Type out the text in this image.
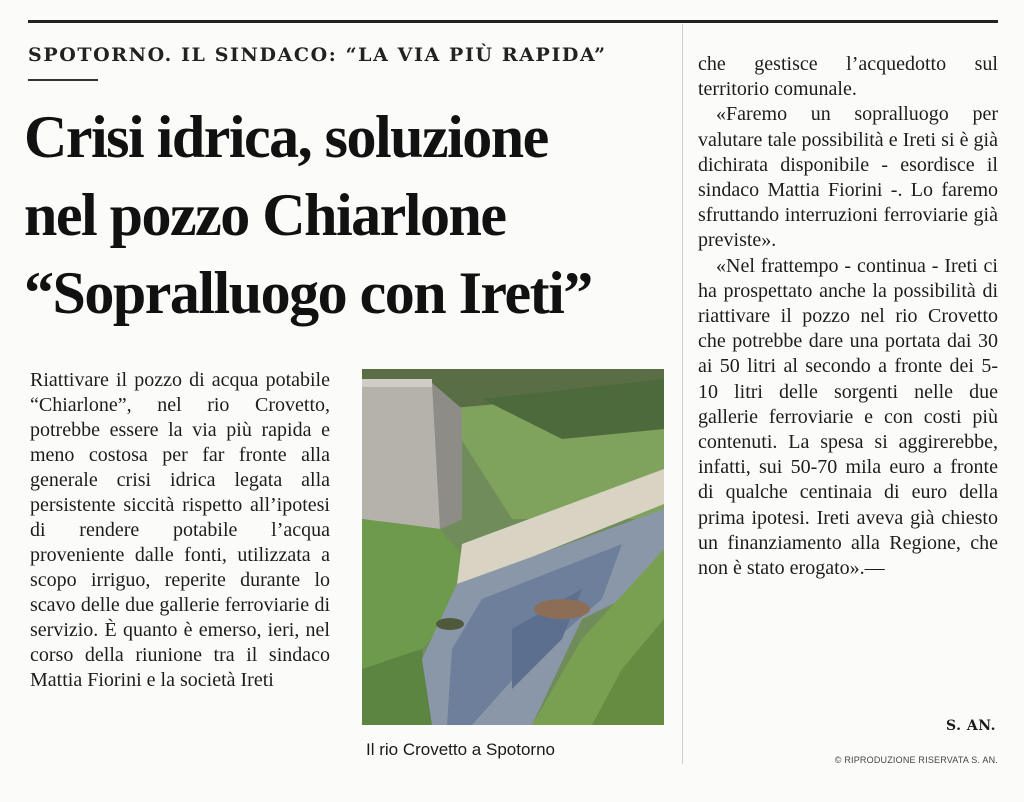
SPOTORNO. IL SINDACO: “LA VIA PIÙ RAPIDA”
Crisi idrica, soluzione
nel pozzo Chiarlone
“Sopralluogo con Ireti”

Riattivare il pozzo di acqua potabile “Chiarlone”, nel rio Crovetto, potrebbe essere la via più rapida e meno costosa per far fronte alla generale crisi idrica legata alla persistente siccità rispetto all’ipotesi di rendere potabile l’acqua proveniente dalle fonti, utilizzata a scopo irriguo, reperite durante lo scavo delle due gallerie ferroviarie di servizio. È quanto è emerso, ieri, nel corso della riunione tra il sindaco Mattia Fiorini e la società Ireti

Il rio Crovetto a Spotorno

che gestisce l’acquedotto sul territorio comunale.

«Faremo un sopralluogo per valutare tale possibilità e Ireti si è già dichirata disponibile - esordisce il sindaco Mattia Fiorini -. Lo faremo sfruttando interruzioni ferroviarie già previste».

«Nel frattempo - continua - Ireti ci ha prospettato anche la possibilità di riattivare il pozzo nel rio Crovetto che potrebbe dare una portata dai 30 ai 50 litri al secondo a fronte dei 5-10 litri delle sorgenti nelle due gallerie ferroviarie e con costi più contenuti. La spesa si aggirerebbe, infatti, sui 50-70 mila euro a fronte di qualche centinaia di euro della prima ipotesi. Ireti aveva già chiesto un finanziamento alla Regione, che non è stato erogato».—

S. AN.
© RIPRODUZIONE RISERVATA S. AN.
